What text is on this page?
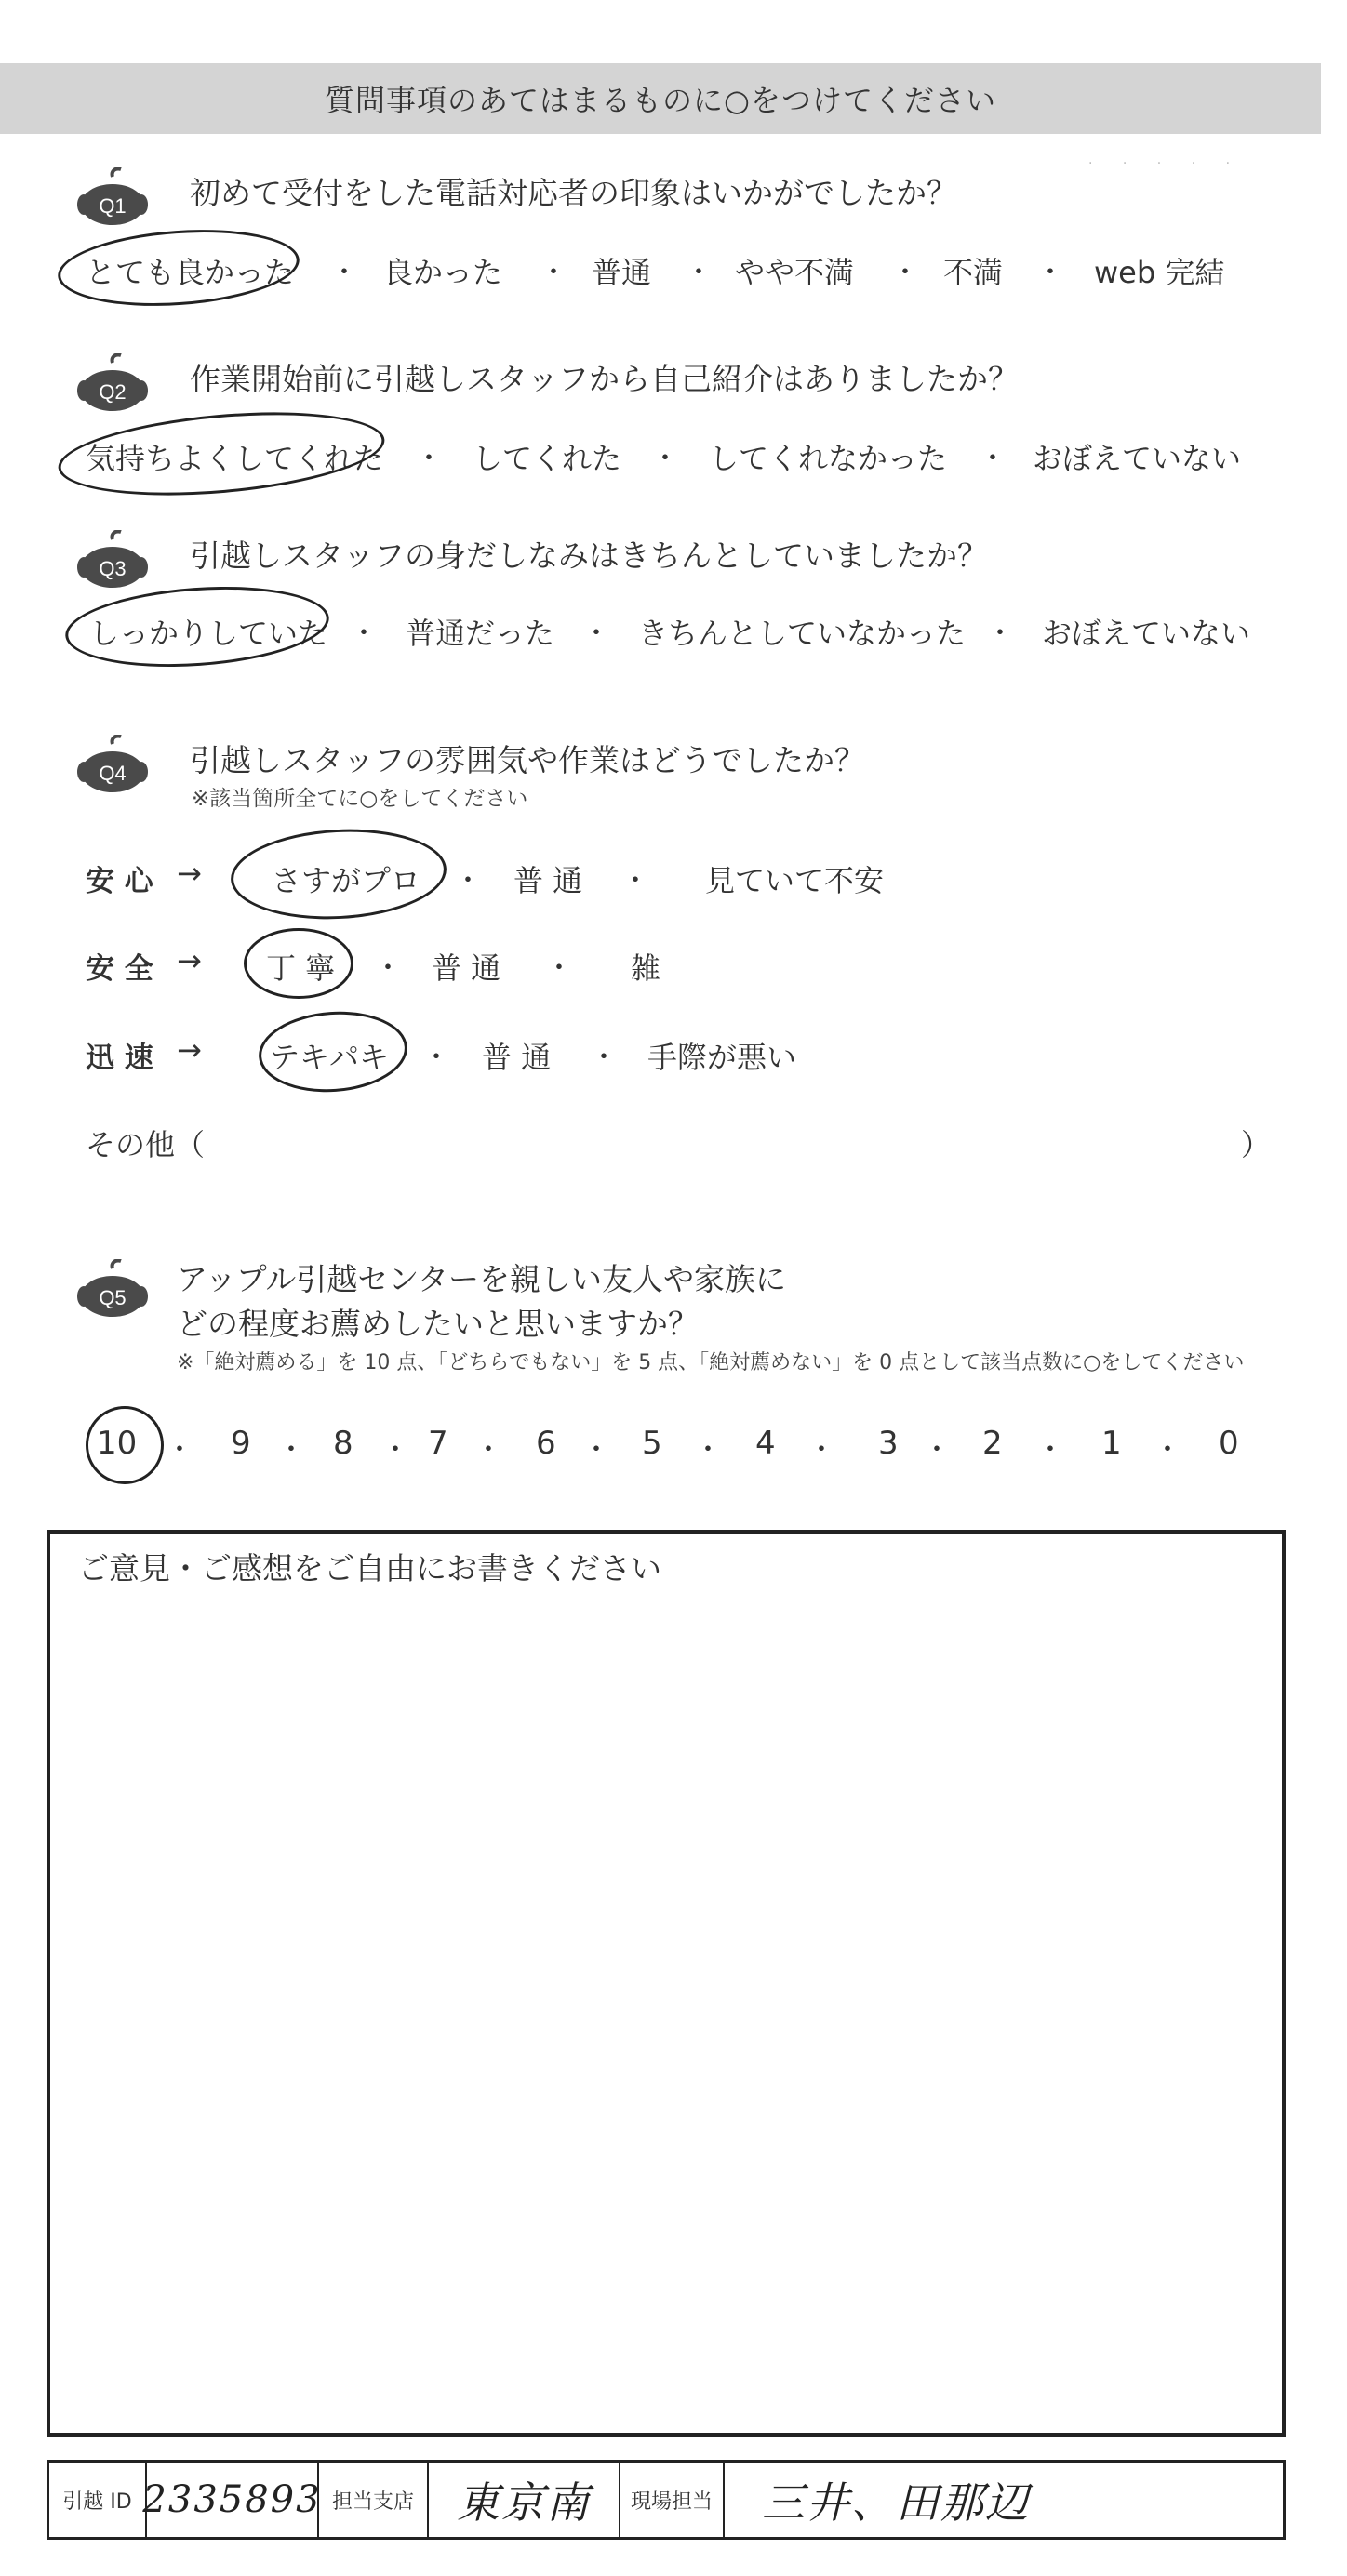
質問事項のあてはまるものに○をつけてください
· · · · ·
Q1 初めて受付をした電話対応者の印象はいかがでしたか？
とても良かった ・ 良かった ・ 普通 ・ やや不満 ・ 不満 ・ web 完結
Q2 作業開始前に引越しスタッフから自己紹介はありましたか？
気持ちよくしてくれた ・ してくれた ・ してくれなかった ・ おぼえていない
Q3 引越しスタッフの身だしなみはきちんとしていましたか？
しっかりしていた ・ 普通だった ・ きちんとしていなかった ・ おぼえていない
Q4 引越しスタッフの雰囲気や作業はどうでしたか？
※該当箇所全てに○をしてください
安 心 → さすがプロ ・ 普 通 ・ 見ていて不安
安 全 → 丁 寧 ・ 普 通 ・ 雑
迅 速 → テキパキ ・ 普 通 ・ 手際が悪い
その他（	）
Q5
アップル引越センターを親しい友人や家族に
どの程度お薦めしたいと思いますか？
※「絶対薦める」を 10 点、「どちらでもない」を 5 点、「絶対薦めない」を 0 点として該当点数に○をしてください
10 ・ 9 ・ 8 ・ 7 ・ 6 ・ 5 ・ 4 ・ 3 ・ 2 ・ 1 ・ 0
ご意見・ご感想をご自由にお書きください
引越 ID 2335893 担当支店 東京南 現場担当 三井、田那辺
